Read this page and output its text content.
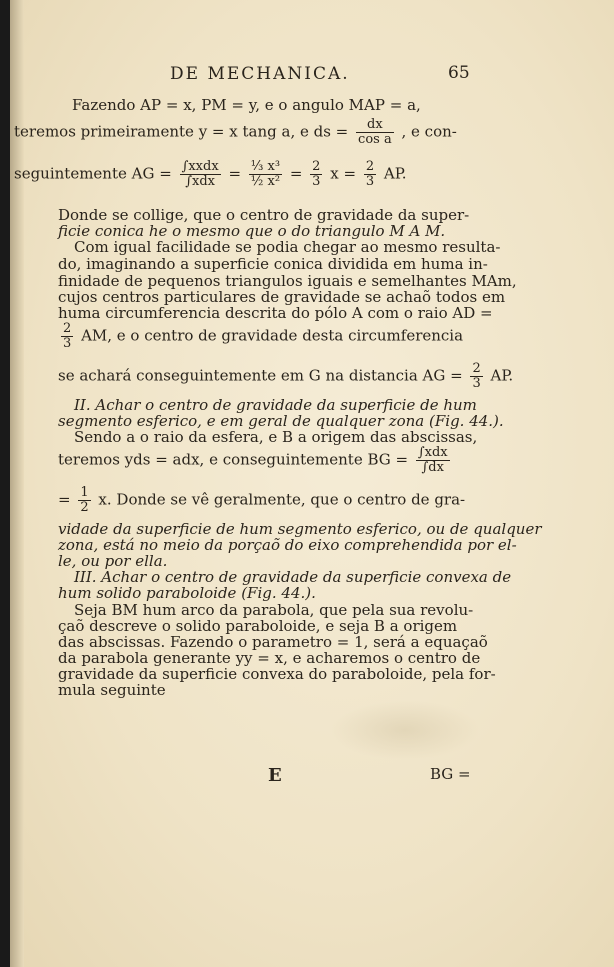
DE MECHANICA.	65
Fazendo AP = x, PM = y, e o angulo MAP = a,
teremos primeiramente y = x tang a, e ds = $\frac{dx}{\text{cos a}}$ , e con-
seguintemente AG = $\frac{\text{∫xxdx}}{\text{∫xdx}} = \frac{\text{⅓ x³}}{\text{½ x²}} = \frac{2}{3}$ $x = \frac{2}{3}$ AP.
Donde se collige, que o centro de gravidade da super-
ficie conica he o mesmo que o do triangulo M A M.
Com igual facilidade se podia chegar ao mesmo resulta-
do, imaginando a superficie conica dividida em huma in-
finidade de pequenos triangulos iguais e semelhantes MAm,
cujos centros particulares de gravidade se achaõ todos em
huma circumferencia descrita do pólo A com o raio AD =
$\frac{2}{3}$ AM, e o centro de gravidade desta circumferencia
se achará conseguintemente em G na distancia AG = $\frac{2}{3}$ AP.
II. Achar o centro de gravidade da superficie de hum
segmento esferico, e em geral de qualquer zona (Fig. 44.).
Sendo a o raio da esfera, e B a origem das abscissas,
teremos yds = adx, e conseguintemente BG = $\frac{\text{∫xdx}}{\int dx}$
= $\frac{1}{2} x$. Donde se vê geralmente, que o centro de gra-
vidade da superficie de hum segmento esferico, ou de qualquer
zona, está no meio da porçaõ do eixo comprehendida por el-
le, ou por ella.
III. Achar o centro de gravidade da superficie convexa de
hum solido paraboloide (Fig. 44.).
Seja BM hum arco da parabola, que pela sua revolu-
çaõ descreve o solido paraboloide, e seja B a origem
das abscissas. Fazendo o parametro = 1, será a equaçaõ
da parabola generante yy = x, e acharemos o centro de
gravidade da superficie convexa do paraboloide, pela for-
mula seguinte
E	BG =
